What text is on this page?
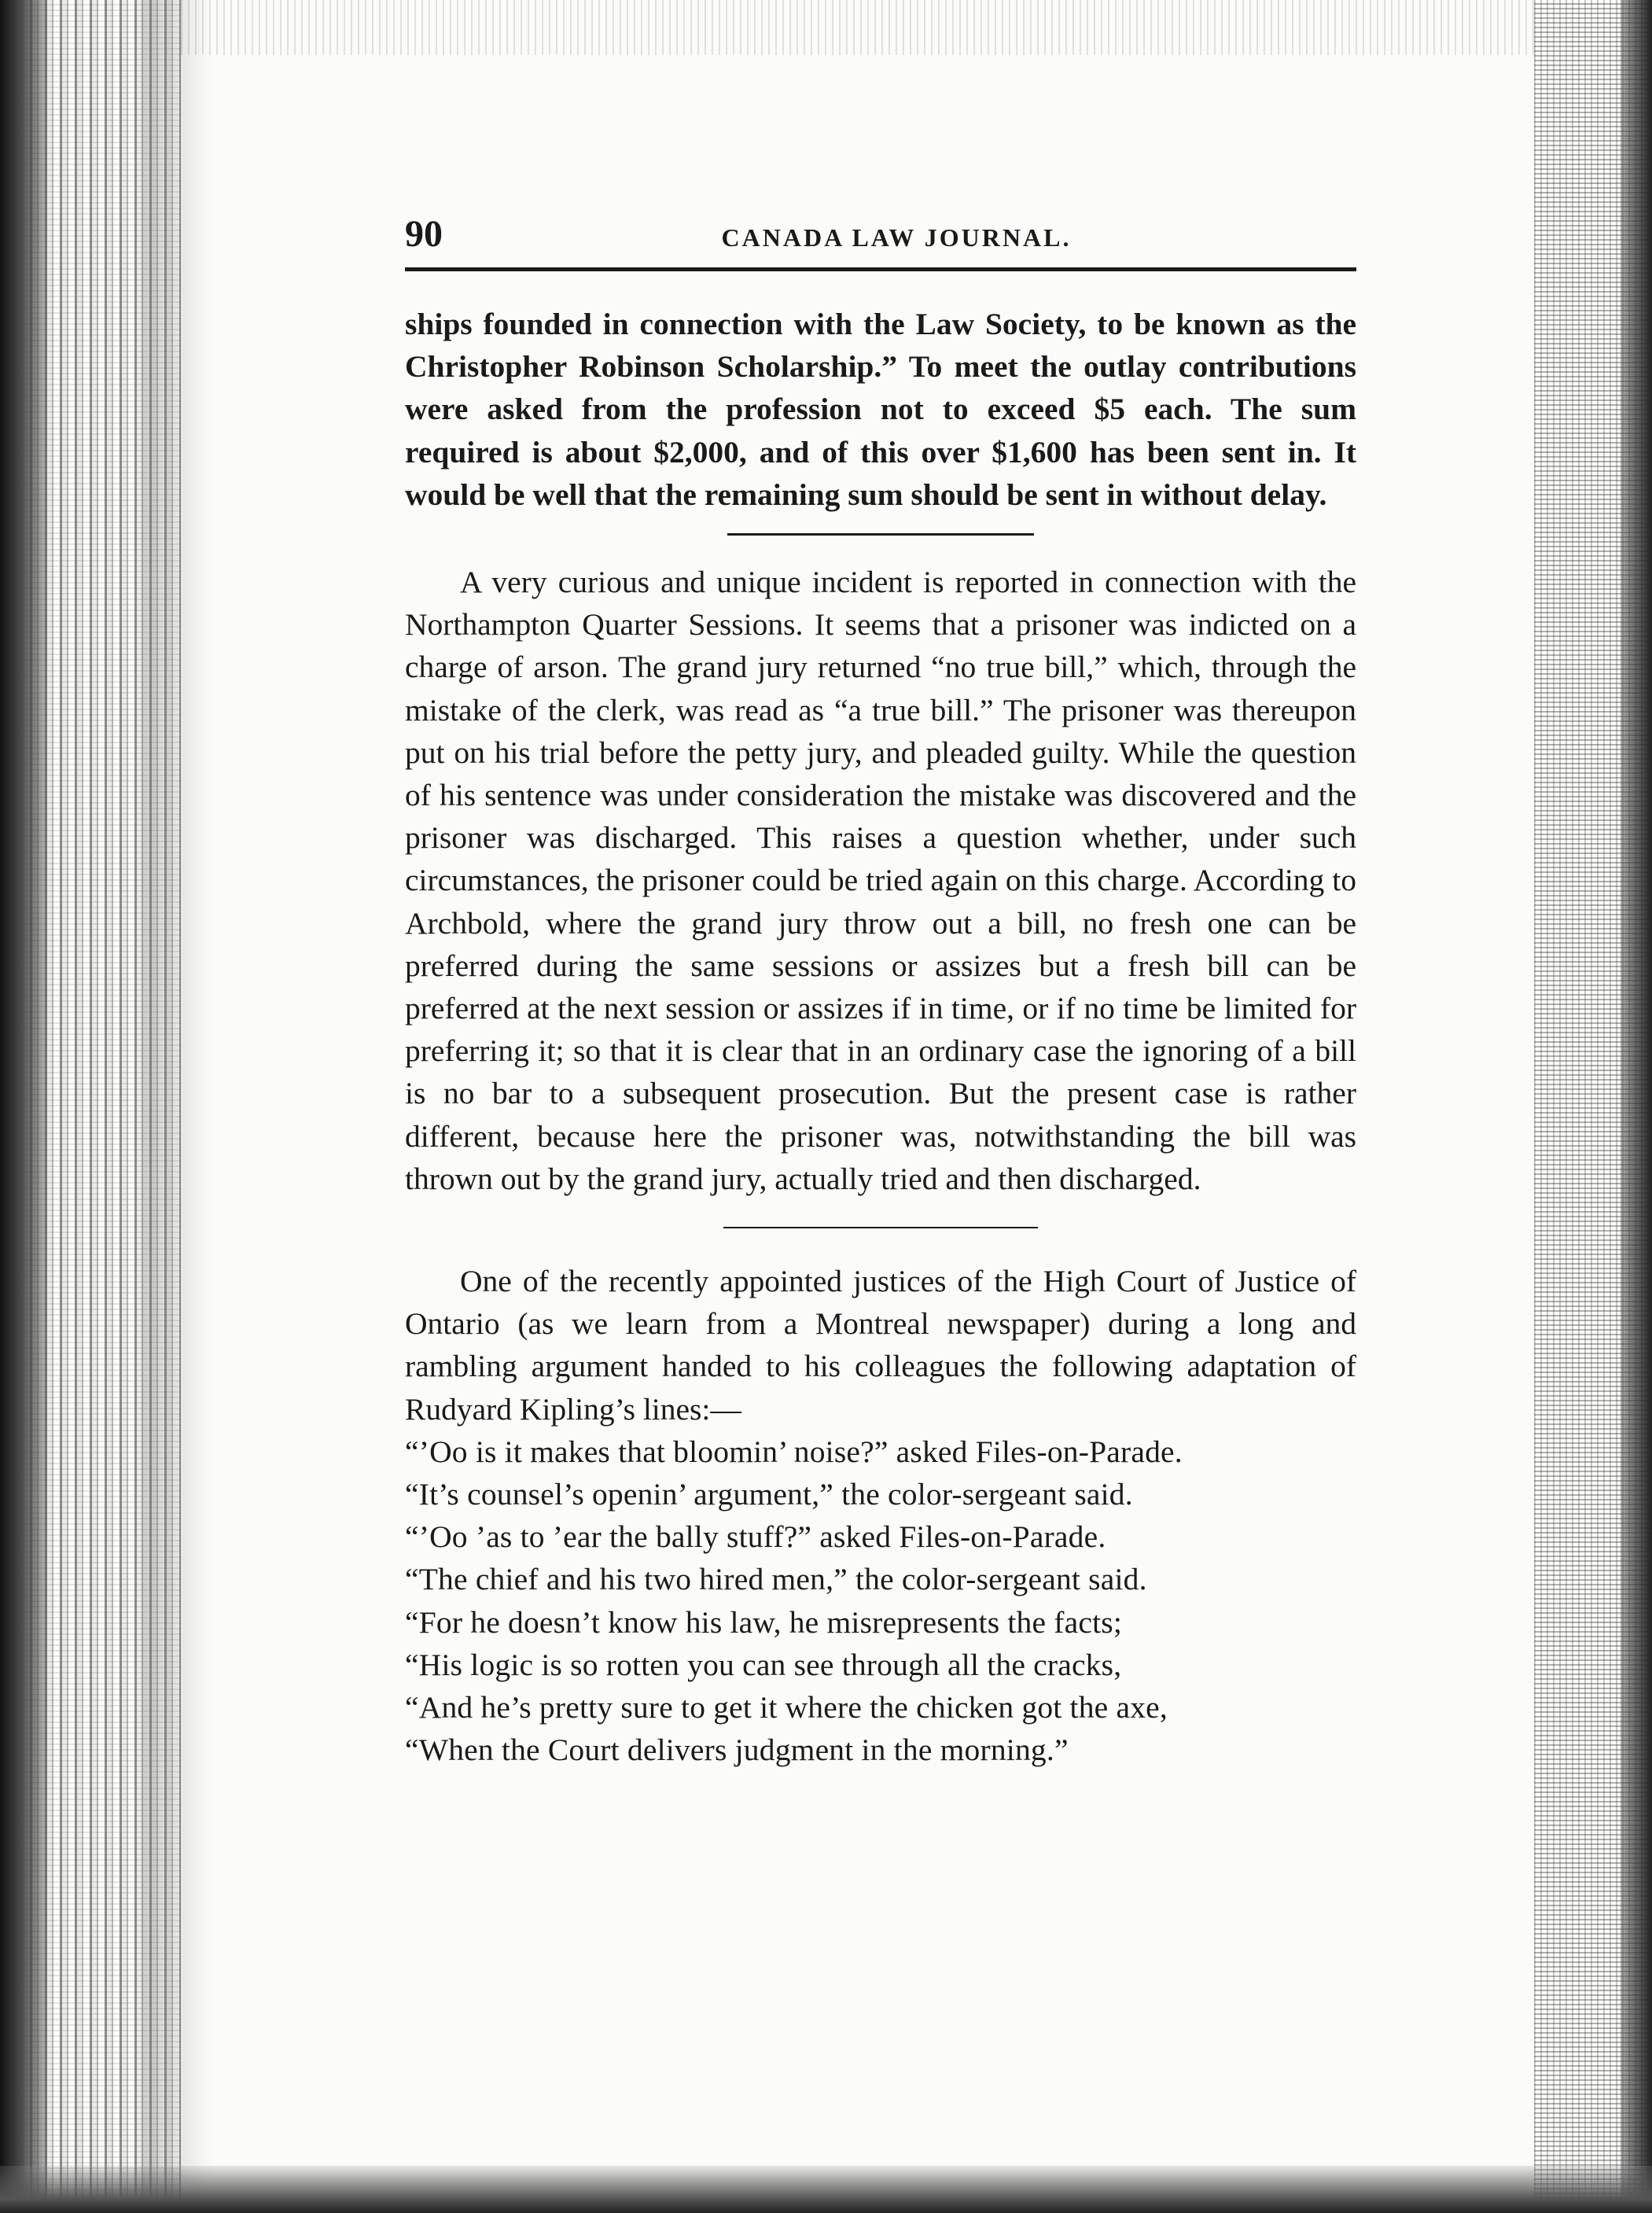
90	CANADA LAW JOURNAL.

ships founded in connection with the Law Society, to be known as the Christopher Robinson Scholarship.” To meet the outlay contributions were asked from the profession not to exceed $5 each. The sum required is about $2,000, and of this over $1,600 has been sent in. It would be well that the remaining sum should be sent in without delay.

A very curious and unique incident is reported in connection with the Northampton Quarter Sessions. It seems that a prisoner was indicted on a charge of arson. The grand jury returned “no true bill,” which, through the mistake of the clerk, was read as “a true bill.” The prisoner was thereupon put on his trial before the petty jury, and pleaded guilty. While the question of his sentence was under consideration the mistake was discovered and the prisoner was discharged. This raises a question whether, under such circumstances, the prisoner could be tried again on this charge. According to Archbold, where the grand jury throw out a bill, no fresh one can be preferred during the same sessions or assizes but a fresh bill can be preferred at the next session or assizes if in time, or if no time be limited for preferring it; so that it is clear that in an ordinary case the ignoring of a bill is no bar to a subsequent prosecution. But the present case is rather different, because here the prisoner was, notwithstanding the bill was thrown out by the grand jury, actually tried and then discharged.

One of the recently appointed justices of the High Court of Justice of Ontario (as we learn from a Montreal newspaper) during a long and rambling argument handed to his colleagues the following adaptation of Rudyard Kipling’s lines:—

“’Oo is it makes that bloomin’ noise?” asked Files-on-Parade.
“It’s counsel’s openin’ argument,” the color-sergeant said.
“’Oo ’as to ’ear the bally stuff?” asked Files-on-Parade.
“The chief and his two hired men,” the color-sergeant said.
“For he doesn’t know his law, he misrepresents the facts;
“His logic is so rotten you can see through all the cracks,
“And he’s pretty sure to get it where the chicken got the axe,
“When the Court delivers judgment in the morning.”
